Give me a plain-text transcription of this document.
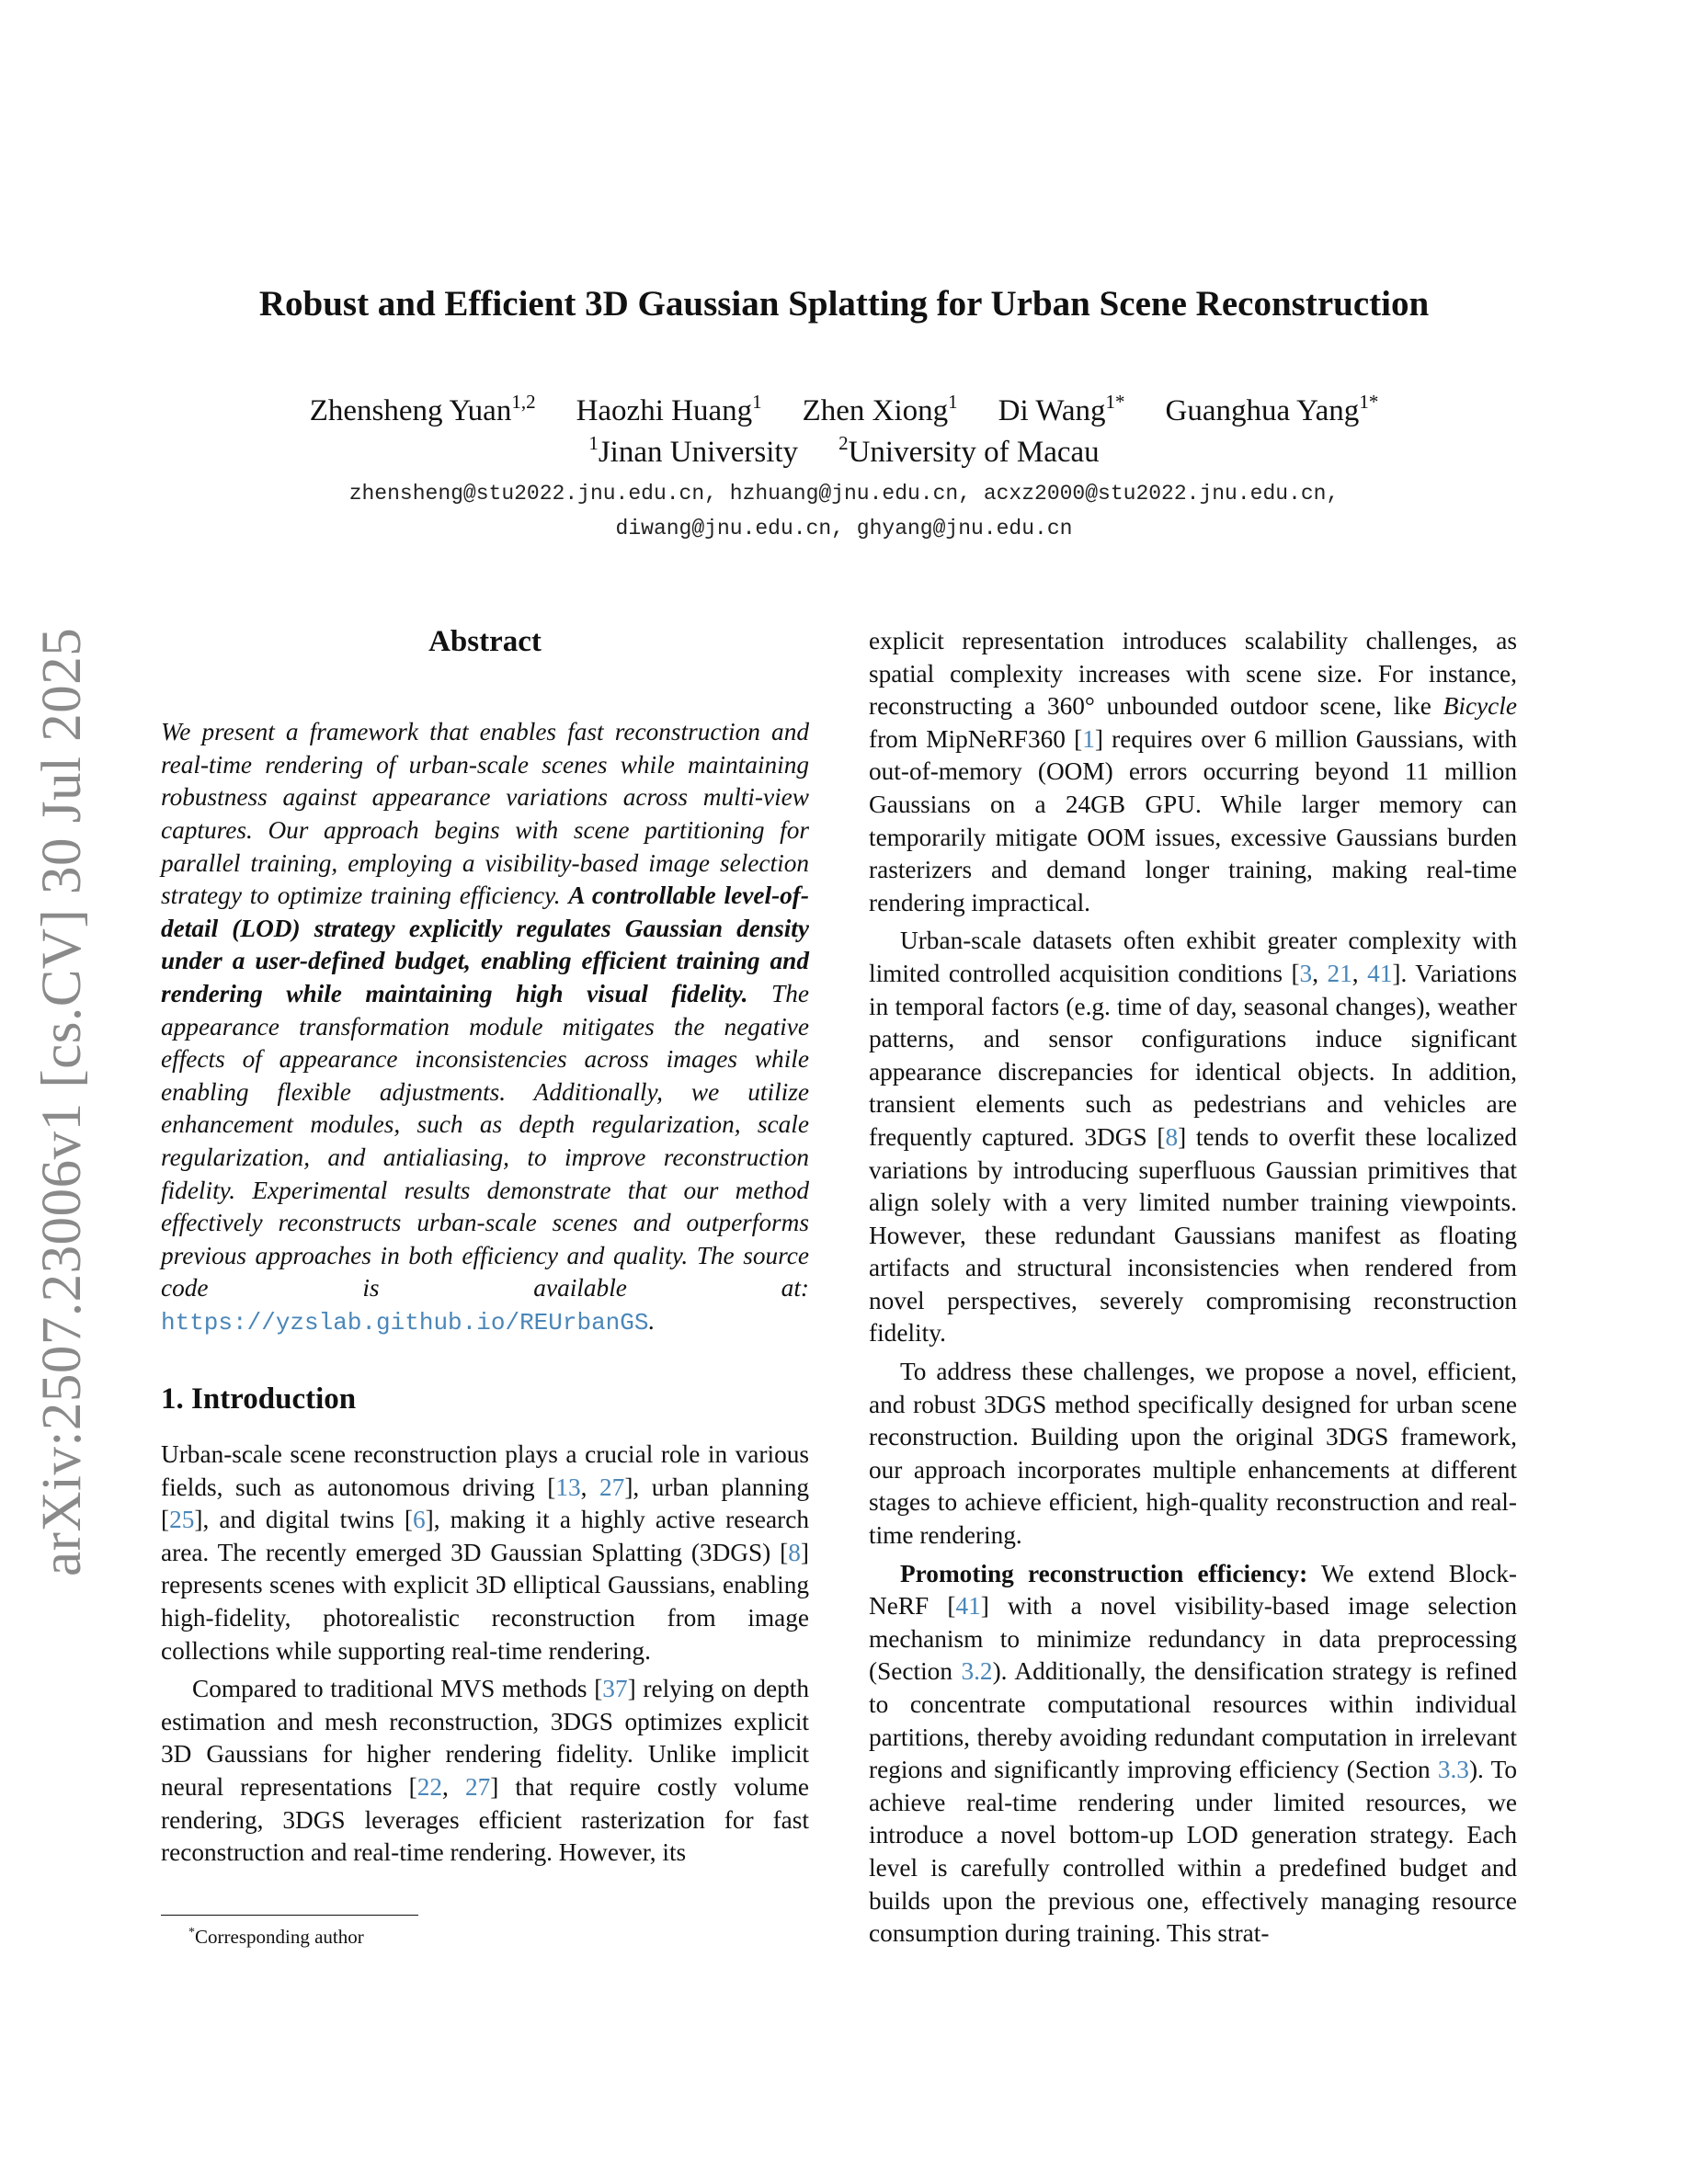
arXiv:2507.23006v1 [cs.CV] 30 Jul 2025
Robust and Efficient 3D Gaussian Splatting for Urban Scene Reconstruction
Zhensheng Yuan$^{1,2}$ Haozhi Huang$^1$ Zhen Xiong$^1$ Di Wang$^{1*}$ Guanghua Yang$^{1*}$
$^1$Jinan University $^2$University of Macau
zhensheng@stu2022.jnu.edu.cn, hzhuang@jnu.edu.cn, acxz2000@stu2022.jnu.edu.cn,
diwang@jnu.edu.cn, ghyang@jnu.edu.cn
Abstract

We present a framework that enables fast reconstruction and real-time rendering of urban-scale scenes while maintaining robustness against appearance variations across multi-view captures. Our approach begins with scene partitioning for parallel training, employing a visibility-based image selection strategy to optimize training efficiency. A controllable level-of-detail (LOD) strategy explicitly regulates Gaussian density under a user-defined budget, enabling efficient training and rendering while maintaining high visual fidelity. The appearance transformation module mitigates the negative effects of appearance inconsistencies across images while enabling flexible adjustments. Additionally, we utilize enhancement modules, such as depth regularization, scale regularization, and antialiasing, to improve reconstruction fidelity. Experimental results demonstrate that our method effectively reconstructs urban-scale scenes and outperforms previous approaches in both efficiency and quality. The source code is available at: https://yzslab.github.io/REUrbanGS.

1. Introduction

Urban-scale scene reconstruction plays a crucial role in various fields, such as autonomous driving [13, 27], urban planning [25], and digital twins [6], making it a highly active research area. The recently emerged 3D Gaussian Splatting (3DGS) [8] represents scenes with explicit 3D elliptical Gaussians, enabling high-fidelity, photorealistic reconstruction from image collections while supporting real-time rendering.

Compared to traditional MVS methods [37] relying on depth estimation and mesh reconstruction, 3DGS optimizes explicit 3D Gaussians for higher rendering fidelity. Unlike implicit neural representations [22, 27] that require costly volume rendering, 3DGS leverages efficient rasterization for fast reconstruction and real-time rendering. However, its

*Corresponding author

explicit representation introduces scalability challenges, as spatial complexity increases with scene size. For instance, reconstructing a 360° unbounded outdoor scene, like Bicycle from MipNeRF360 [1] requires over 6 million Gaussians, with out-of-memory (OOM) errors occurring beyond 11 million Gaussians on a 24GB GPU. While larger memory can temporarily mitigate OOM issues, excessive Gaussians burden rasterizers and demand longer training, making real-time rendering impractical.

Urban-scale datasets often exhibit greater complexity with limited controlled acquisition conditions [3, 21, 41]. Variations in temporal factors (e.g. time of day, seasonal changes), weather patterns, and sensor configurations induce significant appearance discrepancies for identical objects. In addition, transient elements such as pedestrians and vehicles are frequently captured. 3DGS [8] tends to overfit these localized variations by introducing superfluous Gaussian primitives that align solely with a very limited number training viewpoints. However, these redundant Gaussians manifest as floating artifacts and structural inconsistencies when rendered from novel perspectives, severely compromising reconstruction fidelity.

To address these challenges, we propose a novel, efficient, and robust 3DGS method specifically designed for urban scene reconstruction. Building upon the original 3DGS framework, our approach incorporates multiple enhancements at different stages to achieve efficient, high-quality reconstruction and real-time rendering.

Promoting reconstruction efficiency: We extend Block-NeRF [41] with a novel visibility-based image selection mechanism to minimize redundancy in data preprocessing (Section 3.2). Additionally, the densification strategy is refined to concentrate computational resources within individual partitions, thereby avoiding redundant computation in irrelevant regions and significantly improving efficiency (Section 3.3). To achieve real-time rendering under limited resources, we introduce a novel bottom-up LOD generation strategy. Each level is carefully controlled within a predefined budget and builds upon the previous one, effectively managing resource consumption during training. This strat-
